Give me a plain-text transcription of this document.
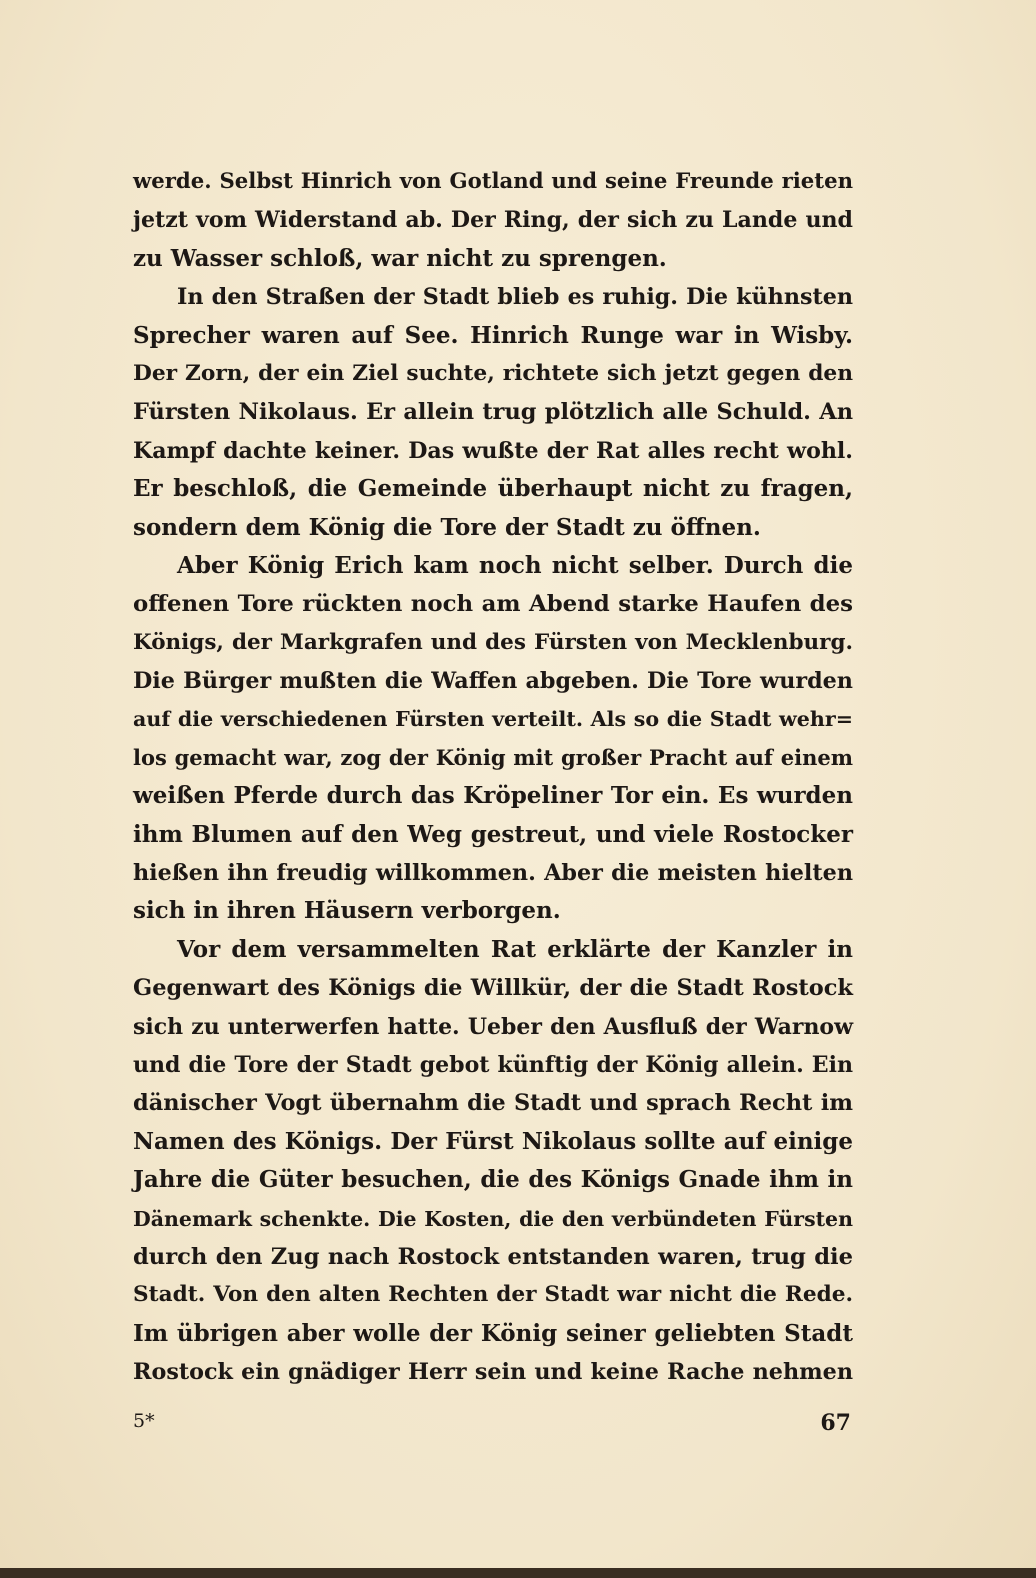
werde. Selbst Hinrich von Gotland und seine Freunde rieten
jetzt vom Widerstand ab. Der Ring, der sich zu Lande und
zu Wasser schloß, war nicht zu sprengen.
In den Straßen der Stadt blieb es ruhig. Die kühnsten
Sprecher waren auf See. Hinrich Runge war in Wisby.
Der Zorn, der ein Ziel suchte, richtete sich jetzt gegen den
Fürsten Nikolaus. Er allein trug plötzlich alle Schuld. An
Kampf dachte keiner. Das wußte der Rat alles recht wohl.
Er beschloß, die Gemeinde überhaupt nicht zu fragen,
sondern dem König die Tore der Stadt zu öffnen.
Aber König Erich kam noch nicht selber. Durch die
offenen Tore rückten noch am Abend starke Haufen des
Königs, der Markgrafen und des Fürsten von Mecklenburg.
Die Bürger mußten die Waffen abgeben. Die Tore wurden
auf die verschiedenen Fürsten verteilt. Als so die Stadt wehr=
los gemacht war, zog der König mit großer Pracht auf einem
weißen Pferde durch das Kröpeliner Tor ein. Es wurden
ihm Blumen auf den Weg gestreut, und viele Rostocker
hießen ihn freudig willkommen. Aber die meisten hielten
sich in ihren Häusern verborgen.
Vor dem versammelten Rat erklärte der Kanzler in
Gegenwart des Königs die Willkür, der die Stadt Rostock
sich zu unterwerfen hatte. Ueber den Ausfluß der Warnow
und die Tore der Stadt gebot künftig der König allein. Ein
dänischer Vogt übernahm die Stadt und sprach Recht im
Namen des Königs. Der Fürst Nikolaus sollte auf einige
Jahre die Güter besuchen, die des Königs Gnade ihm in
Dänemark schenkte. Die Kosten, die den verbündeten Fürsten
durch den Zug nach Rostock entstanden waren, trug die
Stadt. Von den alten Rechten der Stadt war nicht die Rede.
Im übrigen aber wolle der König seiner geliebten Stadt
Rostock ein gnädiger Herr sein und keine Rache nehmen
5*	67
